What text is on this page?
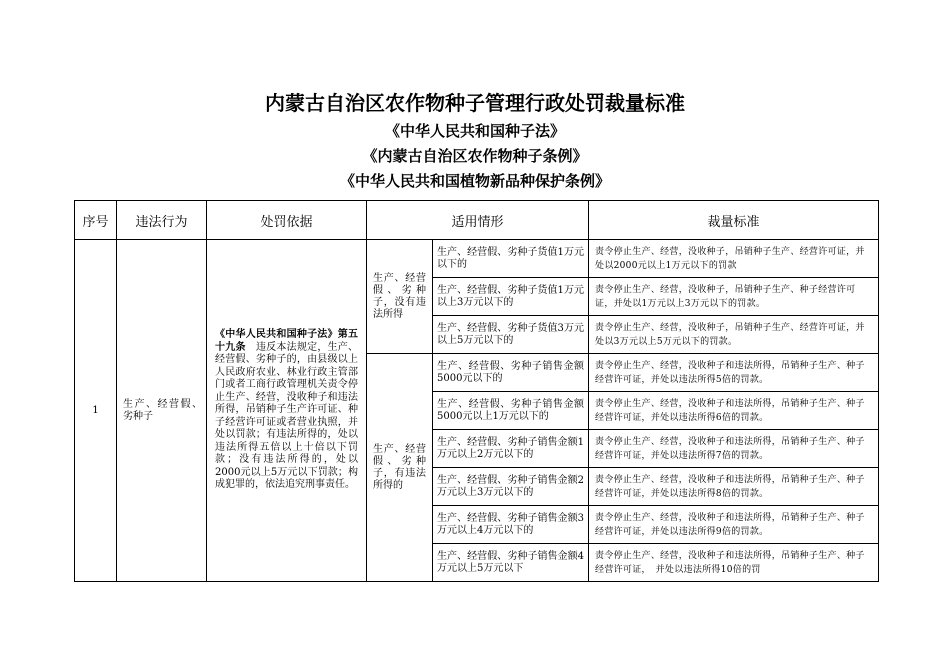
内蒙古自治区农作物种子管理行政处罚裁量标准

《中华人民共和国种子法》

《内蒙古自治区农作物种子条例》

《中华人民共和国植物新品种保护条例》

序号	违法行为	处罚依据	适用情形		裁量标准
1	生产、经营假、劣种子	《中华人民共和国种子法》第五十九条　 违反本法规定，生产、经营假、劣种子的，由县级以上人民政府农业、林业行政主管部门或者工商行政管理机关责令停止生产、经营，没收种子和违法所得，吊销种子生产许可证、种子经营许可证或者营业执照，并处以罚款；有违法所得的，处以违法所得五倍以上十倍以下罚款；没有违法所得的，处以2000元以上5万元以下罚款；构成犯罪的，依法追究刑事责任。	生产、经营假、劣种子，没有违法所得	生产、经营假、劣种子货值1万元以下的	责令停止生产、经营，没收种子，吊销种子生产、经营许可证，并处以2000元以上1万元以下的罚款
				生产、经营假、劣种子货值1万元以上3万元以下的	责令停止生产、经营，没收种子，吊销种子生产、种子经营许可证，并处以1万元以上3万元以下的罚款。
				生产、经营假、劣种子货值3万元以上5万元以下的	责令停止生产、经营，没收种子，吊销种子生产、经营许可证，并处以3万元以上5万元以下的罚款。
			生产、经营假、劣种子，有违法所得的	生产、经营假、劣种子销售金额5000元以下的	责令停止生产、经营，没收种子和违法所得，吊销种子生产、种子经营许可证，并处以违法所得5倍的罚款。
				生产、经营假、劣种子销售金额5000元以上1万元以下的	责令停止生产、经营，没收种子和违法所得，吊销种子生产、种子经营许可证，并处以违法所得6倍的罚款。
				生产、经营假、劣种子销售金额1万元以上2万元以下的	责令停止生产、经营，没收种子和违法所得，吊销种子生产、种子经营许可证，并处以违法所得7倍的罚款。
				生产、经营假、劣种子销售金额2万元以上3万元以下的	责令停止生产、经营，没收种子和违法所得，吊销种子生产、种子经营许可证，并处以违法所得8倍的罚款。
				生产、经营假、劣种子销售金额3万元以上4万元以下的	责令停止生产、经营，没收种子和违法所得，吊销种子生产、种子经营许可证，并处以违法所得9倍的罚款。
				生产、经营假、劣种子销售金额4万元以上5万元以下	责令停止生产、经营，没收种子和违法所得，吊销种子生产、种子经营许可证，　并处以违法所得10倍的罚
